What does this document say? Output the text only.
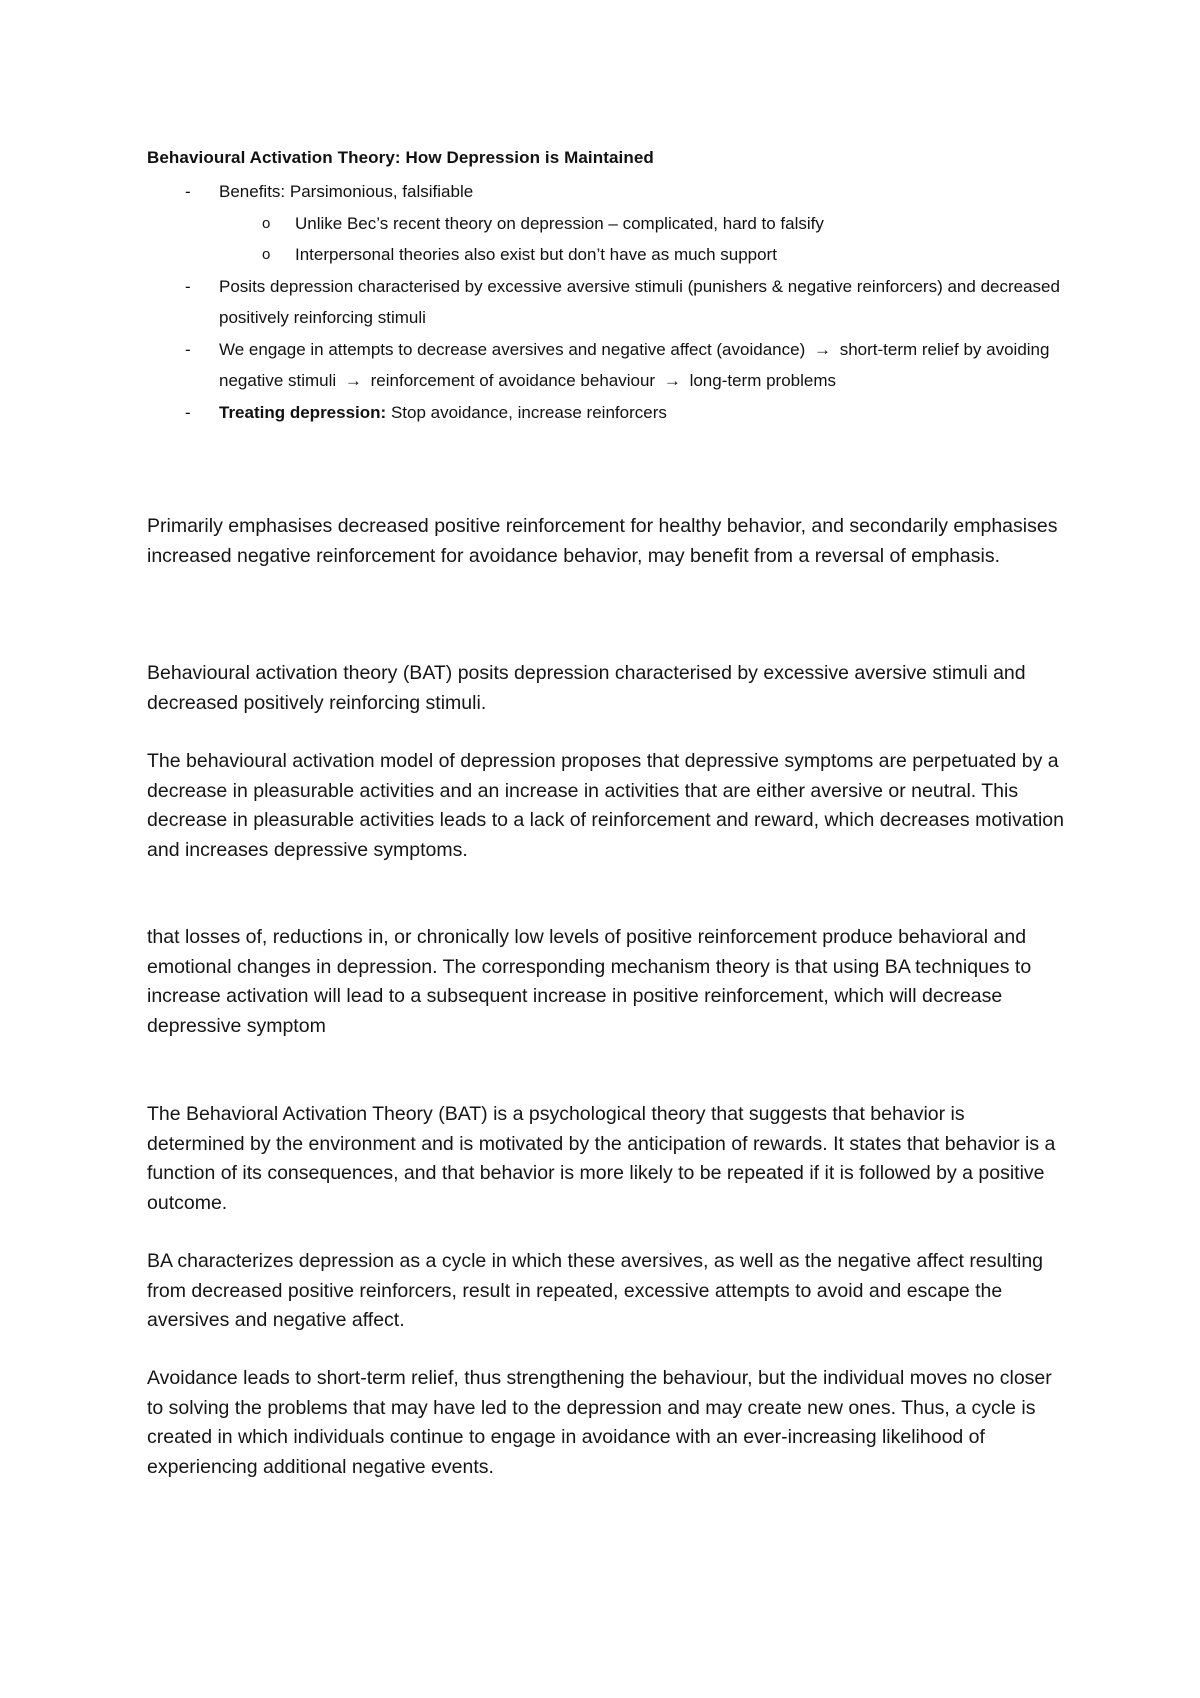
Behavioural Activation Theory: How Depression is Maintained
- Benefits: Parsimonious, falsifiable
o Unlike Bec’s recent theory on depression – complicated, hard to falsify
o Interpersonal theories also exist but don’t have as much support
- Posits depression characterised by excessive aversive stimuli (punishers & negative reinforcers) and decreased positively reinforcing stimuli
- We engage in attempts to decrease aversives and negative affect (avoidance) → short-term relief by avoiding negative stimuli → reinforcement of avoidance behaviour → long-term problems
- Treating depression: Stop avoidance, increase reinforcers

Primarily emphasises decreased positive reinforcement for healthy behavior, and secondarily emphasises increased negative reinforcement for avoidance behavior, may benefit from a reversal of emphasis.

Behavioural activation theory (BAT) posits depression characterised by excessive aversive stimuli and decreased positively reinforcing stimuli.

The behavioural activation model of depression proposes that depressive symptoms are perpetuated by a decrease in pleasurable activities and an increase in activities that are either aversive or neutral. This decrease in pleasurable activities leads to a lack of reinforcement and reward, which decreases motivation and increases depressive symptoms.

that losses of, reductions in, or chronically low levels of positive reinforcement produce behavioral and emotional changes in depression. The corresponding mechanism theory is that using BA techniques to increase activation will lead to a subsequent increase in positive reinforcement, which will decrease depressive symptom

The Behavioral Activation Theory (BAT) is a psychological theory that suggests that behavior is determined by the environment and is motivated by the anticipation of rewards. It states that behavior is a function of its consequences, and that behavior is more likely to be repeated if it is followed by a positive outcome.

BA characterizes depression as a cycle in which these aversives, as well as the negative affect resulting from decreased positive reinforcers, result in repeated, excessive attempts to avoid and escape the aversives and negative affect.

Avoidance leads to short-term relief, thus strengthening the behaviour, but the individual moves no closer to solving the problems that may have led to the depression and may create new ones. Thus, a cycle is created in which individuals continue to engage in avoidance with an ever-increasing likelihood of experiencing additional negative events.
